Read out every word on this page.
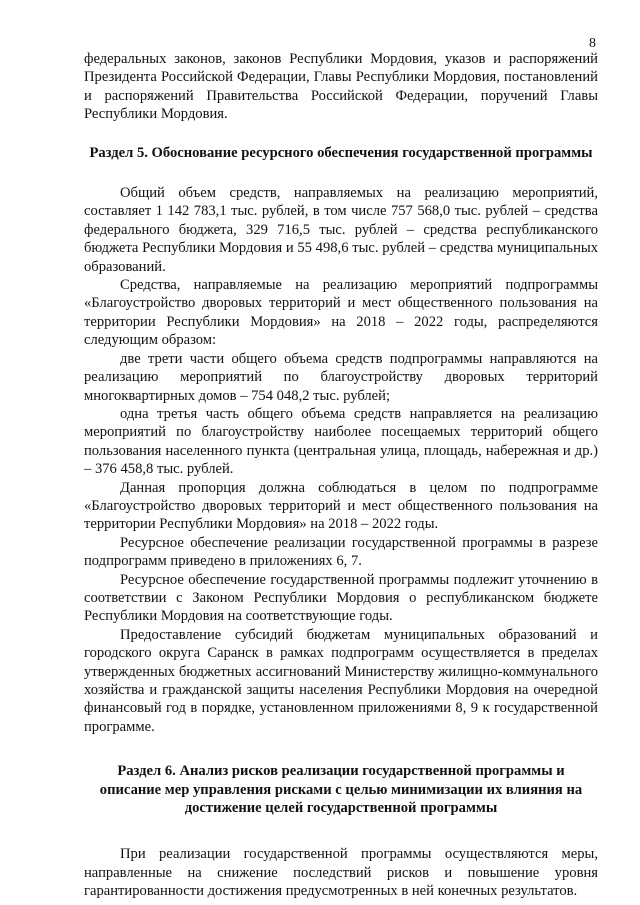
8

федеральных законов, законов Республики Мордовия, указов и распоряжений Президента Российской Федерации, Главы Республики Мордовия, постановлений и распоряжений Правительства Российской Федерации, поручений Главы Республики Мордовия.

Раздел 5. Обоснование ресурсного обеспечения государственной программы

Общий объем средств, направляемых на реализацию мероприятий, составляет 1 142 783,1 тыс. рублей, в том числе 757 568,0 тыс. рублей – средства федерального бюджета, 329 716,5 тыс. рублей – средства республиканского бюджета Республики Мордовия и 55 498,6 тыс. рублей – средства муниципальных образований.

Средства, направляемые на реализацию мероприятий подпрограммы «Благоустройство дворовых территорий и мест общественного пользования на территории Республики Мордовия» на 2018 – 2022 годы, распределяются следующим образом:

две трети части общего объема средств подпрограммы направляются на реализацию мероприятий по благоустройству дворовых территорий многоквартирных домов – 754 048,2 тыс. рублей;

одна третья часть общего объема средств направляется на реализацию мероприятий по благоустройству наиболее посещаемых территорий общего пользования населенного пункта (центральная улица, площадь, набережная и др.) – 376 458,8 тыс. рублей.

Данная пропорция должна соблюдаться в целом по подпрограмме «Благоустройство дворовых территорий и мест общественного пользования на территории Республики Мордовия» на 2018 – 2022 годы.

Ресурсное обеспечение реализации государственной программы в разрезе подпрограмм приведено в приложениях 6, 7.

Ресурсное обеспечение государственной программы подлежит уточнению в соответствии с Законом Республики Мордовия о республиканском бюджете Республики Мордовия на соответствующие годы.

Предоставление субсидий бюджетам муниципальных образований и городского округа Саранск в рамках подпрограмм осуществляется в пределах утвержденных бюджетных ассигнований Министерству жилищно-коммунального хозяйства и гражданской защиты населения Республики Мордовия на очередной финансовый год в порядке, установленном приложениями 8, 9 к государственной программе.

Раздел 6. Анализ рисков реализации государственной программы и
описание мер управления рисками с целью минимизации их влияния на
достижение целей государственной программы

При реализации государственной программы осуществляются меры, направленные на снижение последствий рисков и повышение уровня гарантированности достижения предусмотренных в ней конечных результатов.
